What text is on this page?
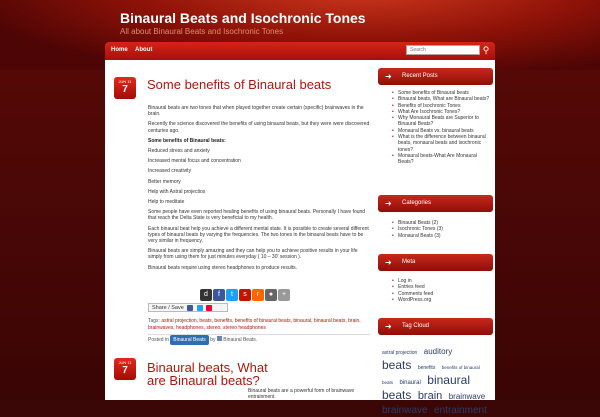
Binaural Beats and Isochronic Tones
All about Binaural Beats and Isochronic Tones
Home About
Search	⚲
JUN 11
7	Some benefits of Binaural beats

Binaural beats are two tones that when played together create certain (specific) brainwaves in the brain.

Recently the science discovered the benefits of using binaural beats, but they were were discovered centuries ago.

Some benefits of Binaural beats:

Reduced stress and anxiety

Increased mental focus and concentration

Increased creativity

Better memory

Help with Astral projectios

Help to meditate

Some people have even reported healing benefits of using binaural beats. Personally I have found that reach the Delta State is very beneficial to my health.

Each binaural beat help you achieve a different mental state. It is possible to create several different types of binaural beats by varying the frequencies. The two tones in the binaural beats have to be very similar in frequency.

Binaural beats are simply amazing and they can help you to achieve positive results in your life simply from using them for just minutes everyday ( 10 – 30' session ).

Binaural beats require using stereo headphones to produce results.

d	f	t	s	r	●	+
Share / Save
Tags: astral projection, beats, benefits, benefits of binaural beats, binaural, binaural beats, brain, brainwaves, headphones, stereo, stereo headphones
Posted in Binaural Beats by Binaural Beats.
JUN 11
7	Binaural beats, What are Binaural beats?

Binaural beats are a powerful form of brainwave entrainment.

➜ Recent Posts
• Some benefits of Binaural beats
• Binaural beats, What are Binaural beats?
• Benefits of Isochronic Tones
• What Are Isochronic Tones?
• Why Monaural Beats are Superior to Binaural Beats?
• Monaural Beats vs. binaural beats
• What is the difference between binaural beats, monaural beats and isochronic tones?
• Monaural beats-What Are Monaural Beats?
➜ Categories
• Binaural Beats (2)
• Isochronic Tones (3)
• Monaural Beats (3)
➜ Meta
• Log in
• Entries feed
• Comments feed
• WordPress.org
➜ Tag Cloud
astral projection auditory beats benefits benefits of binaural beats binaural binaural beats brain brainwave brainwave entrainment
